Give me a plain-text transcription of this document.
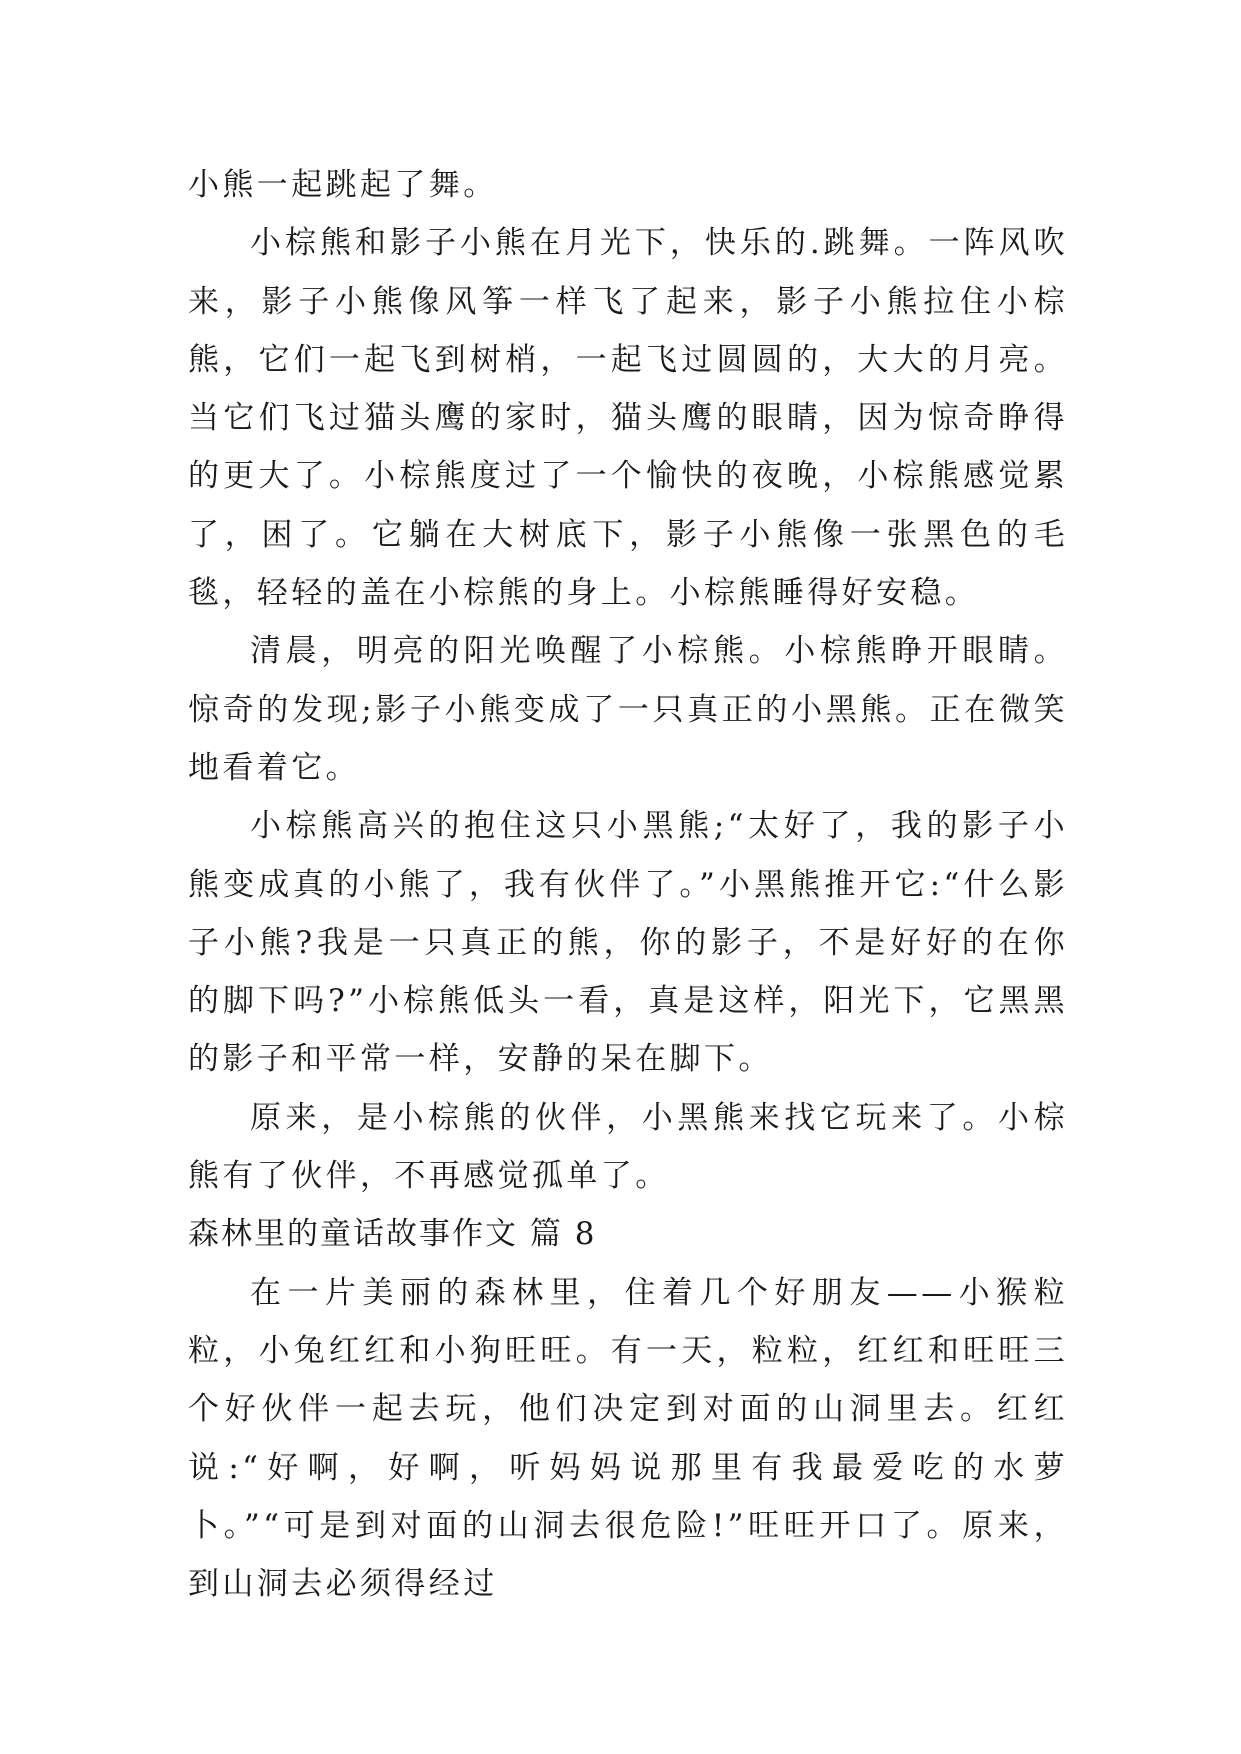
小熊一起跳起了舞。

小棕熊和影子小熊在月光下，快乐的.跳舞。一阵风吹来，影子小熊像风筝一样飞了起来，影子小熊拉住小棕熊，它们一起飞到树梢，一起飞过圆圆的，大大的月亮。当它们飞过猫头鹰的家时，猫头鹰的眼睛，因为惊奇睁得的更大了。小棕熊度过了一个愉快的夜晚，小棕熊感觉累了，困了。它躺在大树底下，影子小熊像一张黑色的毛毯，轻轻的盖在小棕熊的身上。小棕熊睡得好安稳。

清晨，明亮的阳光唤醒了小棕熊。小棕熊睁开眼睛。惊奇的发现;影子小熊变成了一只真正的小黑熊。正在微笑地看着它。

小棕熊高兴的抱住这只小黑熊;“太好了，我的影子小熊变成真的小熊了，我有伙伴了。”小黑熊推开它:“什么影子小熊?我是一只真正的熊，你的影子，不是好好的在你的脚下吗?”小棕熊低头一看，真是这样，阳光下，它黑黑的影子和平常一样，安静的呆在脚下。

原来，是小棕熊的伙伴，小黑熊来找它玩来了。小棕熊有了伙伴，不再感觉孤单了。

森林里的童话故事作文 篇 8

在一片美丽的森林里，住着几个好朋友——小猴粒粒，小兔红红和小狗旺旺。有一天，粒粒，红红和旺旺三个好伙伴一起去玩，他们决定到对面的山洞里去。红红说:“好啊，好啊，听妈妈说那里有我最爱吃的水萝卜。”“可是到对面的山洞去很危险!”旺旺开口了。原来，到山洞去必须得经过
